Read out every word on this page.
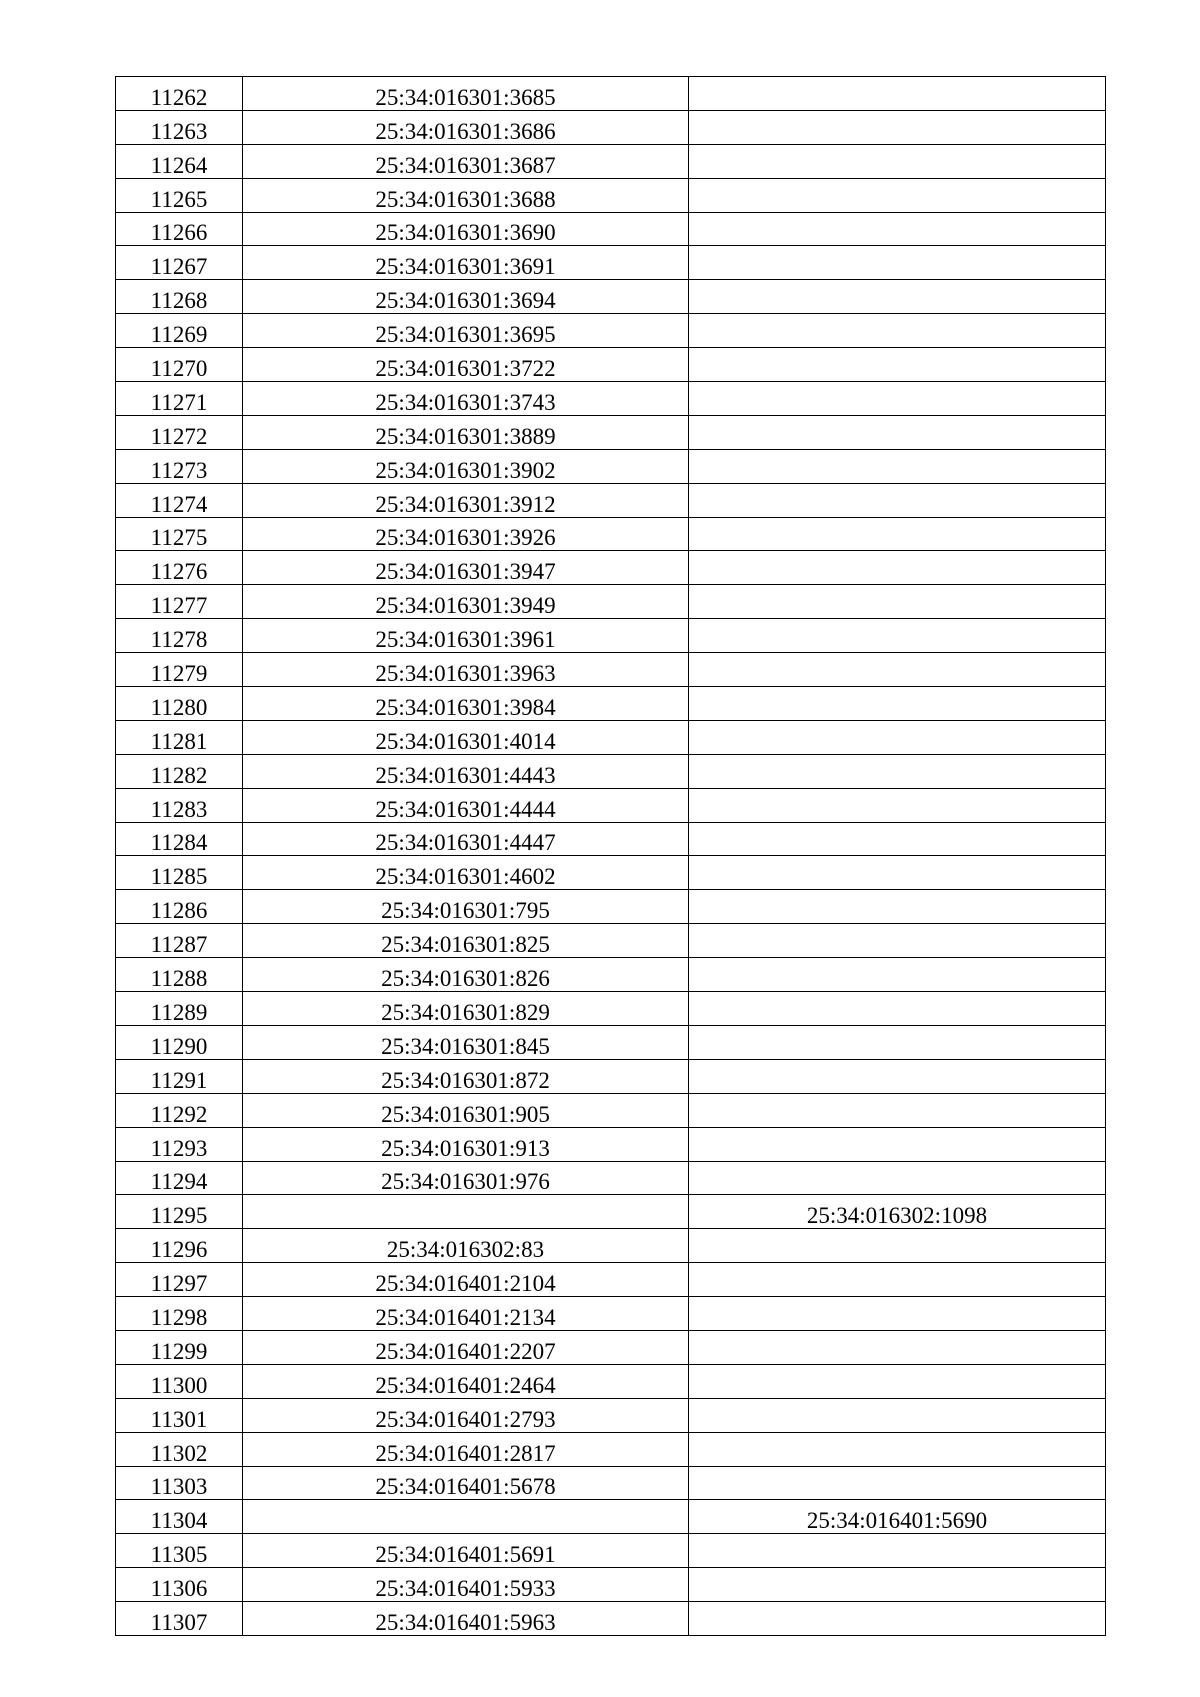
11262	25:34:016301:3685	
11263	25:34:016301:3686	
11264	25:34:016301:3687	
11265	25:34:016301:3688	
11266	25:34:016301:3690	
11267	25:34:016301:3691	
11268	25:34:016301:3694	
11269	25:34:016301:3695	
11270	25:34:016301:3722	
11271	25:34:016301:3743	
11272	25:34:016301:3889	
11273	25:34:016301:3902	
11274	25:34:016301:3912	
11275	25:34:016301:3926	
11276	25:34:016301:3947	
11277	25:34:016301:3949	
11278	25:34:016301:3961	
11279	25:34:016301:3963	
11280	25:34:016301:3984	
11281	25:34:016301:4014	
11282	25:34:016301:4443	
11283	25:34:016301:4444	
11284	25:34:016301:4447	
11285	25:34:016301:4602	
11286	25:34:016301:795	
11287	25:34:016301:825	
11288	25:34:016301:826	
11289	25:34:016301:829	
11290	25:34:016301:845	
11291	25:34:016301:872	
11292	25:34:016301:905	
11293	25:34:016301:913	
11294	25:34:016301:976	
11295		25:34:016302:1098
11296	25:34:016302:83	
11297	25:34:016401:2104	
11298	25:34:016401:2134	
11299	25:34:016401:2207	
11300	25:34:016401:2464	
11301	25:34:016401:2793	
11302	25:34:016401:2817	
11303	25:34:016401:5678	
11304		25:34:016401:5690
11305	25:34:016401:5691	
11306	25:34:016401:5933	
11307	25:34:016401:5963	
